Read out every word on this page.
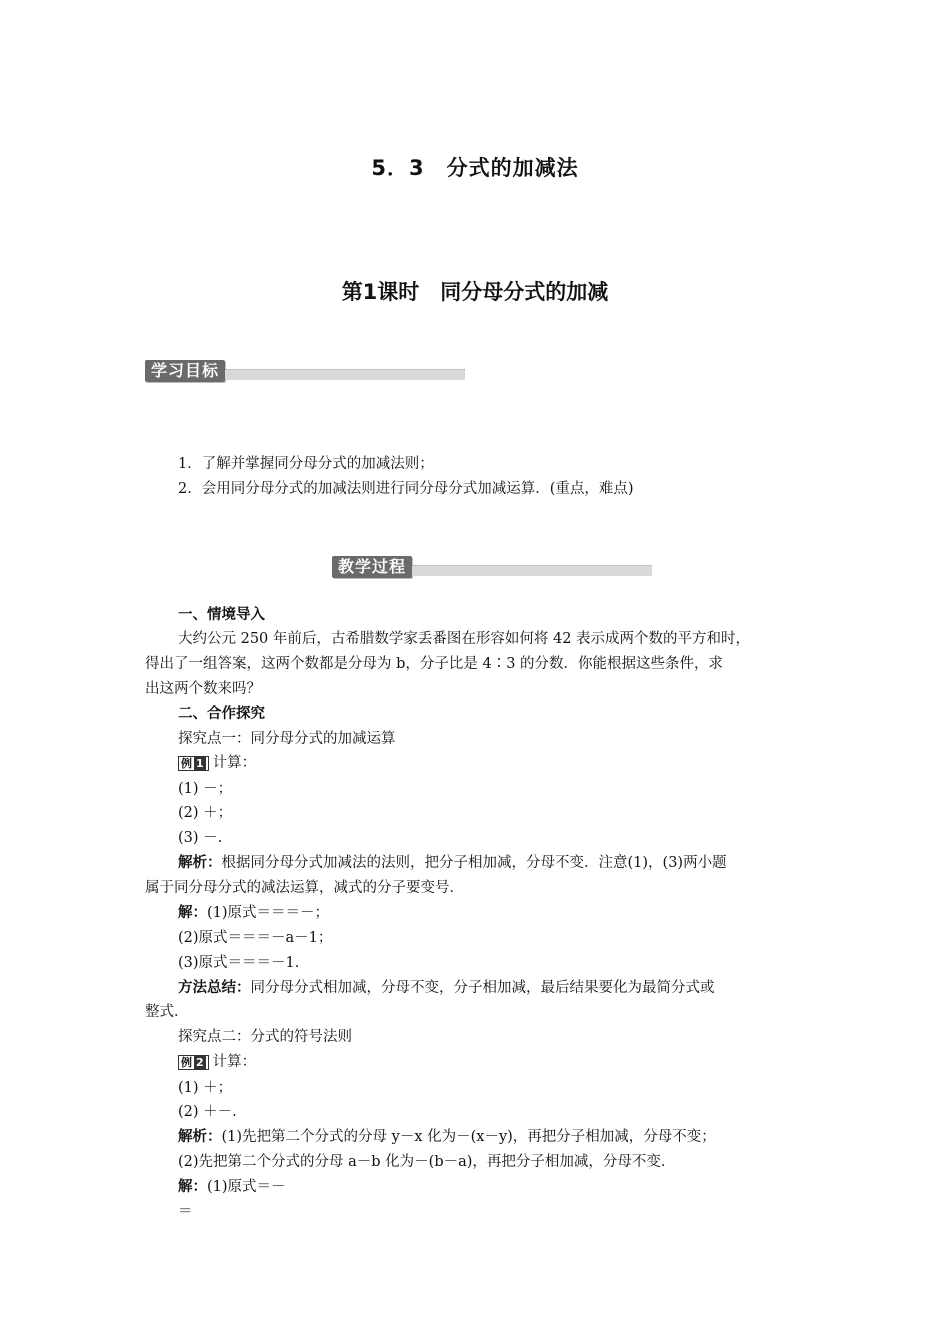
5．3　分式的加减法
第1课时　同分母分式的加减
学习目标
1．了解并掌握同分母分式的加减法则；
2．会用同分母分式的加减法则进行同分母分式加减运算．(重点，难点)
教学过程
一、情境导入
大约公元 250 年前后，古希腊数学家丢番图在形容如何将 42 表示成两个数的平方和时，
得出了一组答案，这两个数都是分母为 b，分子比是 4∶3 的分数．你能根据这些条件，求
出这两个数来吗？
二、合作探究
探究点一：同分母分式的加减运算
例 1 计算：
(1) －；
(2) ＋；
(3) －.
解析：根据同分母分式加减法的法则，把分子相加减，分母不变．注意(1)，(3)两小题
属于同分母分式的减法运算，减式的分子要变号．
解：(1)原式＝＝＝－；
(2)原式＝＝＝－a－1；
(3)原式＝＝＝－1.
方法总结：同分母分式相加减，分母不变，分子相加减，最后结果要化为最简分式或
整式．
探究点二：分式的符号法则
例 2 计算：
(1) ＋；
(2) ＋－.
解析：(1)先把第二个分式的分母 y－x 化为－(x－y)，再把分子相加减，分母不变；
(2)先把第二个分式的分母 a－b 化为－(b－a)，再把分子相加减，分母不变．
解：(1)原式＝－
＝
